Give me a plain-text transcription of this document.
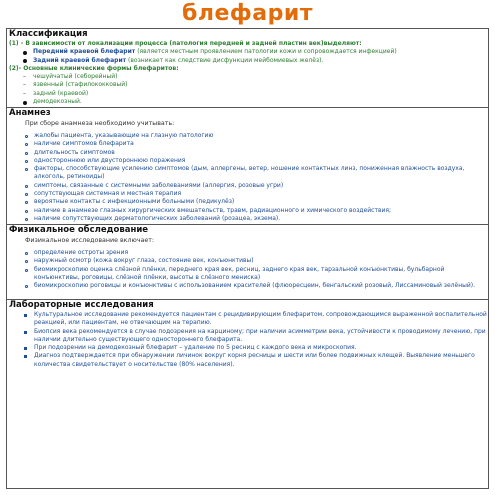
блефарит
Классификация
(1) - В зависимости от локализации процесса (патология передней и задней пластин век)выделяют:
Передний краевой блефарит (является местным проявлением патологии кожи и сопровождается инфекцией)
Задний краевой блефарит (возникает как следствие дисфункции мейбомиевых желёз).
(2)- Основные клинические формы блефаритов:
– чешуйчатый (себорейный)
– язвенный (стафилококковый)
– задний (краевой)
демодекозный.
Анамнез
При сборе анамнеза необходимо учитывать:
жалобы пациента, указывающие на глазную патологию
наличие симптомов блефарита
длительность симптомов
одностороннюю или двустороннюю поражения
факторы, способствующие усилению симптомов (дым, аллергены, ветер, ношение контактных линз, пониженная влажность воздуха, алкоголь, ретиноиды)
симптомы, связанные с системными заболеваниями (аллергия, розовые угри)
сопутствующая системная и местная терапия
вероятные контакты с инфекционными больными (педикулёз)
наличие в анамнезе глазных хирургических вмешательств, травм, радиационного и химического воздействия;
наличие сопутствующих дерматологических заболеваний (розацеа, экзема).
Физикальное обследование
Физикальное исследование включает:
определение остроты зрения
наружный осмотр (кожа вокруг глаза, состояние век, конъюнктивы)
биомикроскопию оценка слёзной плёнки, переднего края век, ресниц, заднего края век, тарзальной конъюнктивы, бульбарной конъюнктивы, роговицы, слёзной плёнки, высоты в слёзного мениска)
биомикроскопию роговицы и конъюнктивы с использованием красителей (флюоресцеин, бенгальский розовый, Лиссаминовый зелёный).
Лабораторные исследования
Культуральное исследование рекомендуется пациентам с рецидивирующим блефаритом, сопровождающимся выраженной воспалительной реакцией, или пациентам, не отвечающим на терапию.
Биопсия века рекомендуется в случае подозрения на карциному; при наличии асимметрии века, устойчивости к проводимому лечению, при наличии длительно существующего одностороннего блефарита.
При подозрении на демодекозный блефарит – удаление по 5 ресниц с каждого века и микроскопия.
Диагноз подтверждается при обнаружении личинок вокруг корня ресницы и шести или более подвижных клещей. Выявление меньшего количества свидетельствует о носительстве (80% населения).
